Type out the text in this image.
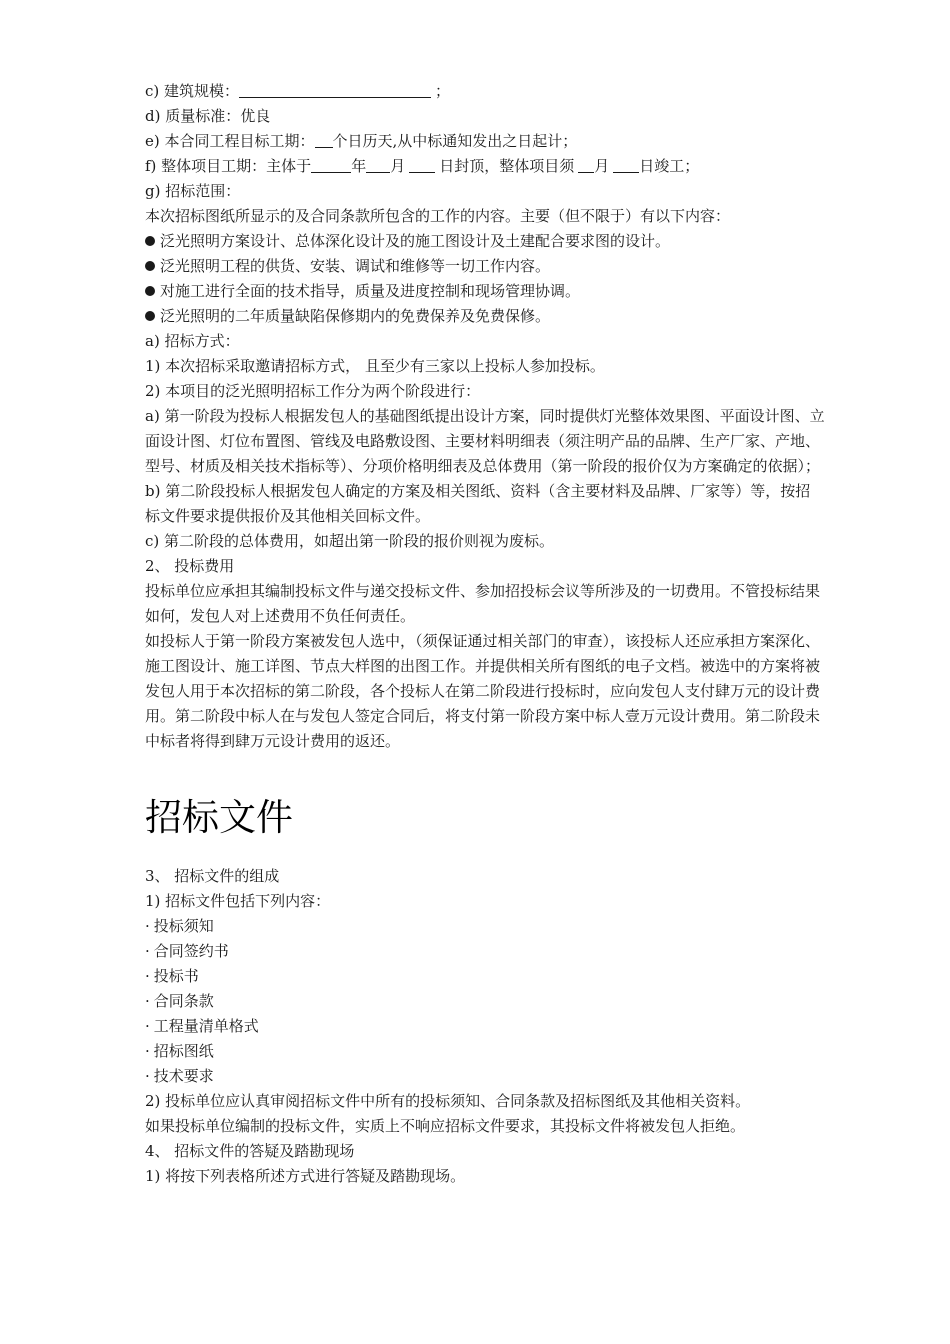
c) 建筑规模：	；
d) 质量标准：优良
e) 本合同工程目标工期： 个日历天,从中标通知发出之日起计；
f) 整体项目工期：主体于	年 月 日封顶，整体项目须 月 日竣工；
g) 招标范围：
本次招标图纸所显示的及合同条款所包含的工作的内容。主要（但不限于）有以下内容：
泛光照明方案设计、总体深化设计及的施工图设计及土建配合要求图的设计。
泛光照明工程的供货、安装、调试和维修等一切工作内容。
对施工进行全面的技术指导，质量及进度控制和现场管理协调。
泛光照明的二年质量缺陷保修期内的免费保养及免费保修。
a) 招标方式：
1) 本次招标采取邀请招标方式， 且至少有三家以上投标人参加投标。
2) 本项目的泛光照明招标工作分为两个阶段进行：
a) 第一阶段为投标人根据发包人的基础图纸提出设计方案，同时提供灯光整体效果图、平面设计图、立面设计图、灯位布置图、管线及电路敷设图、主要材料明细表（须注明产品的品牌、生产厂家、产地、型号、材质及相关技术指标等）、分项价格明细表及总体费用（第一阶段的报价仅为方案确定的依据）；
b) 第二阶段投标人根据发包人确定的方案及相关图纸、资料（含主要材料及品牌、厂家等）等，按招标文件要求提供报价及其他相关回标文件。
c) 第二阶段的总体费用，如超出第一阶段的报价则视为废标。
2、 投标费用
投标单位应承担其编制投标文件与递交投标文件、参加招投标会议等所涉及的一切费用。不管投标结果如何，发包人对上述费用不负任何责任。
如投标人于第一阶段方案被发包人选中，（须保证通过相关部门的审查），该投标人还应承担方案深化、施工图设计、施工详图、节点大样图的出图工作。并提供相关所有图纸的电子文档。被选中的方案将被发包人用于本次招标的第二阶段，各个投标人在第二阶段进行投标时，应向发包人支付肆万元的设计费用。第二阶段中标人在与发包人签定合同后，将支付第一阶段方案中标人壹万元设计费用。第二阶段未中标者将得到肆万元设计费用的返还。
招标文件
3、 招标文件的组成
1) 招标文件包括下列内容：
· 投标须知
· 合同签约书
· 投标书
· 合同条款
· 工程量清单格式
· 招标图纸
· 技术要求
2) 投标单位应认真审阅招标文件中所有的投标须知、合同条款及招标图纸及其他相关资料。
如果投标单位编制的投标文件，实质上不响应招标文件要求，其投标文件将被发包人拒绝。
4、 招标文件的答疑及踏勘现场
1) 将按下列表格所述方式进行答疑及踏勘现场。
